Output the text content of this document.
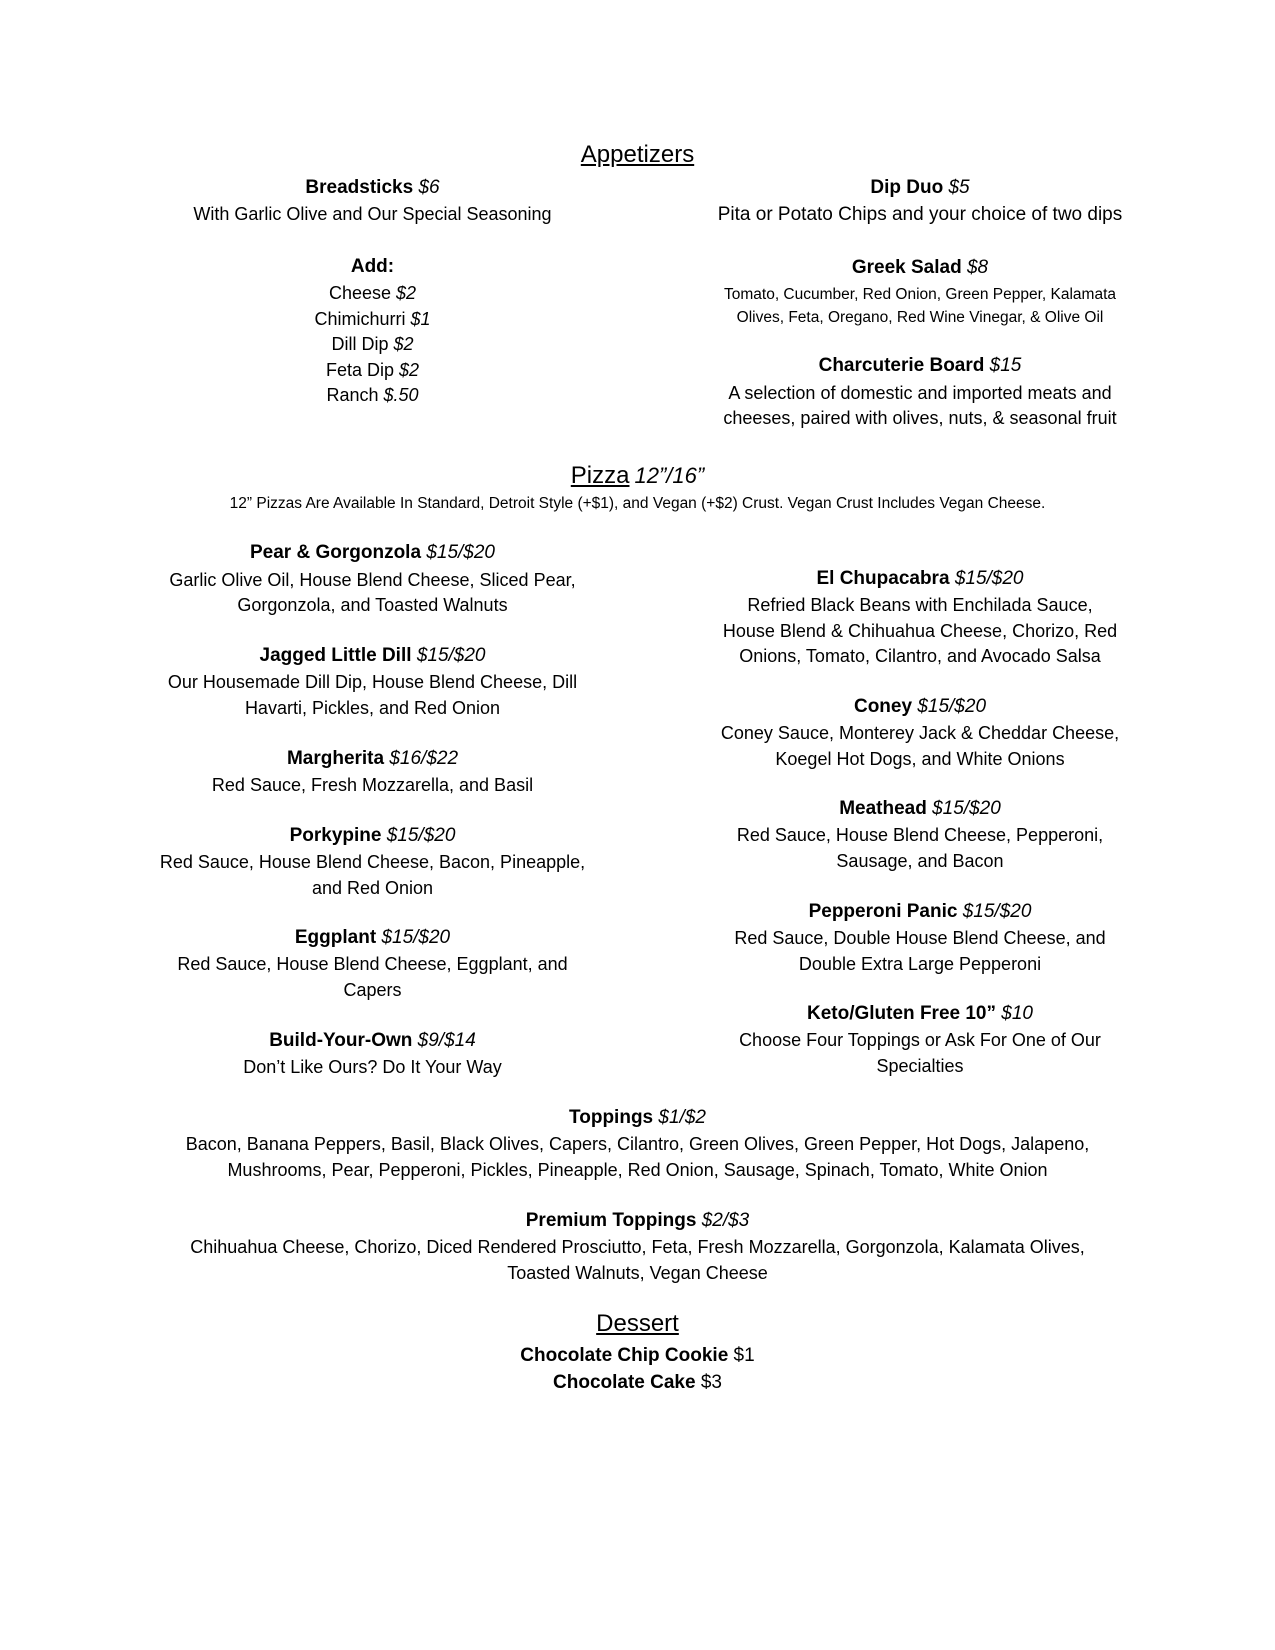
Appetizers
Breadsticks $6
With Garlic Olive and Our Special Seasoning
Add:
Cheese $2
Chimichurri $1
Dill Dip $2
Feta Dip $2
Ranch $.50
Dip Duo $5
Pita or Potato Chips and your choice of two dips
Greek Salad $8
Tomato, Cucumber, Red Onion, Green Pepper, Kalamata
Olives, Feta, Oregano, Red Wine Vinegar, & Olive Oil
Charcuterie Board $15
A selection of domestic and imported meats and
cheeses, paired with olives, nuts, & seasonal fruit
Pizza 12”/16”
12” Pizzas Are Available In Standard, Detroit Style (+$1), and Vegan (+$2) Crust. Vegan Crust Includes Vegan Cheese.
Pear & Gorgonzola $15/$20
Garlic Olive Oil, House Blend Cheese, Sliced Pear,
Gorgonzola, and Toasted Walnuts
Jagged Little Dill $15/$20
Our Housemade Dill Dip, House Blend Cheese, Dill
Havarti, Pickles, and Red Onion
Margherita $16/$22
Red Sauce, Fresh Mozzarella, and Basil
Porkypine $15/$20
Red Sauce, House Blend Cheese, Bacon, Pineapple,
and Red Onion
Eggplant $15/$20
Red Sauce, House Blend Cheese, Eggplant, and
Capers
Build-Your-Own $9/$14
Don’t Like Ours? Do It Your Way
El Chupacabra $15/$20
Refried Black Beans with Enchilada Sauce,
House Blend & Chihuahua Cheese, Chorizo, Red
Onions, Tomato, Cilantro, and Avocado Salsa
Coney $15/$20
Coney Sauce, Monterey Jack & Cheddar Cheese,
Koegel Hot Dogs, and White Onions
Meathead $15/$20
Red Sauce, House Blend Cheese, Pepperoni,
Sausage, and Bacon
Pepperoni Panic $15/$20
Red Sauce, Double House Blend Cheese, and
Double Extra Large Pepperoni
Keto/Gluten Free 10” $10
Choose Four Toppings or Ask For One of Our
Specialties
Toppings $1/$2
Bacon, Banana Peppers, Basil, Black Olives, Capers, Cilantro, Green Olives, Green Pepper, Hot Dogs, Jalapeno,
Mushrooms, Pear, Pepperoni, Pickles, Pineapple, Red Onion, Sausage, Spinach, Tomato, White Onion
Premium Toppings $2/$3
Chihuahua Cheese, Chorizo, Diced Rendered Prosciutto, Feta, Fresh Mozzarella, Gorgonzola, Kalamata Olives,
Toasted Walnuts, Vegan Cheese
Dessert
Chocolate Chip Cookie $1
Chocolate Cake $3
